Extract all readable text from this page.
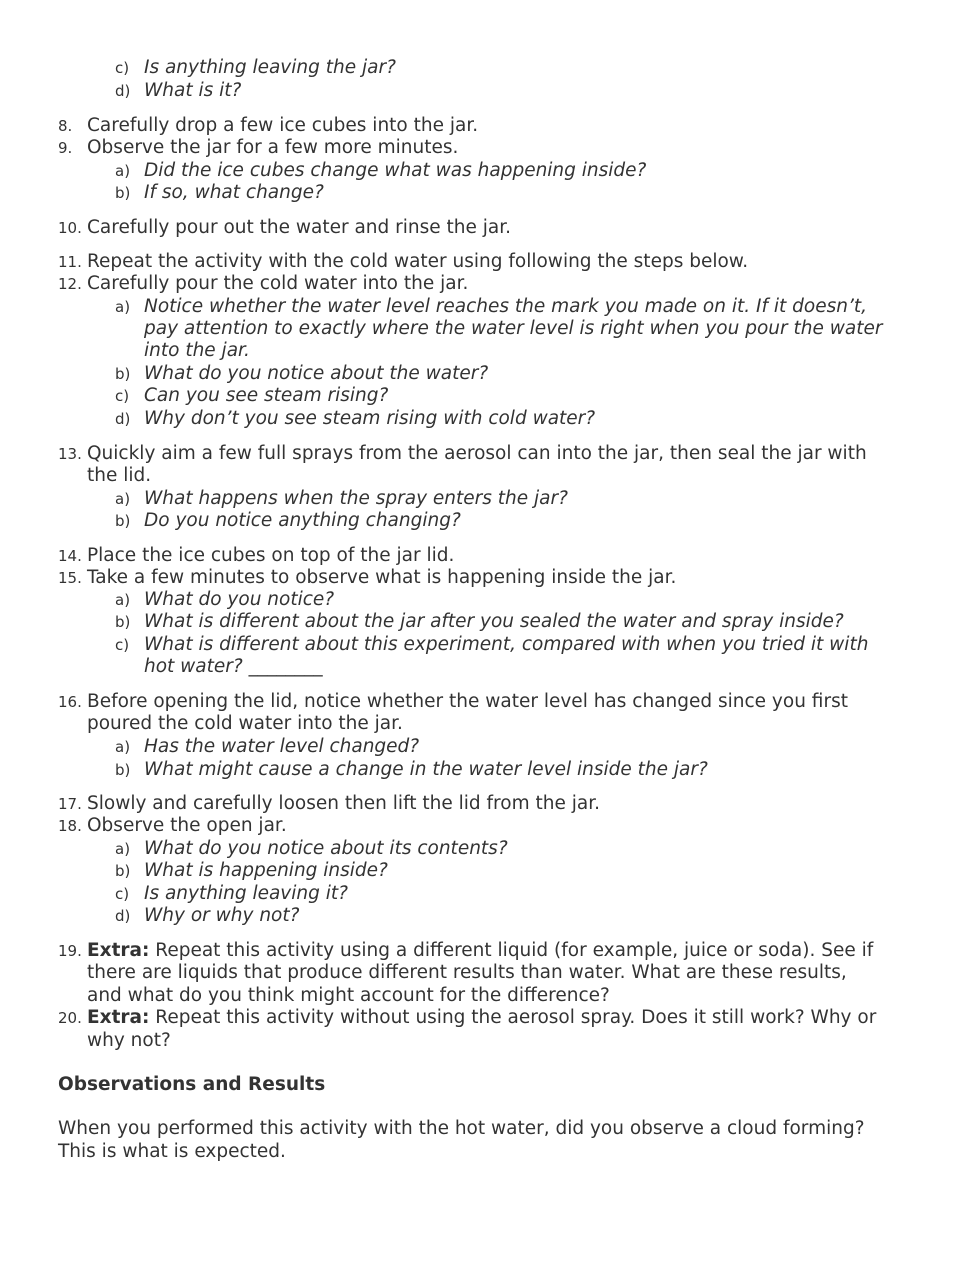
c) Is anything leaving the jar?
d) What is it?
8. Carefully drop a few ice cubes into the jar.
9. Observe the jar for a few more minutes.
a) Did the ice cubes change what was happening inside?
b) If so, what change?
10. Carefully pour out the water and rinse the jar.
11. Repeat the activity with the cold water using following the steps below.
12. Carefully pour the cold water into the jar.
a) Notice whether the water level reaches the mark you made on it. If it doesn’t,
pay attention to exactly where the water level is right when you pour the water
into the jar.
b) What do you notice about the water?
c) Can you see steam rising?
d) Why don’t you see steam rising with cold water?
13. Quickly aim a few full sprays from the aerosol can into the jar, then seal the jar with
the lid.
a) What happens when the spray enters the jar?
b) Do you notice anything changing?
14. Place the ice cubes on top of the jar lid.
15. Take a few minutes to observe what is happening inside the jar.
a) What do you notice?
b) What is different about the jar after you sealed the water and spray inside?
c) What is different about this experiment, compared with when you tried it with
hot water? ________
16. Before opening the lid, notice whether the water level has changed since you first
poured the cold water into the jar.
a) Has the water level changed?
b) What might cause a change in the water level inside the jar?
17. Slowly and carefully loosen then lift the lid from the jar.
18. Observe the open jar.
a) What do you notice about its contents?
b) What is happening inside?
c) Is anything leaving it?
d) Why or why not?
19. Extra: Repeat this activity using a different liquid (for example, juice or soda). See if
there are liquids that produce different results than water. What are these results,
and what do you think might account for the difference?
20. Extra: Repeat this activity without using the aerosol spray. Does it still work? Why or
why not?
Observations and Results
When you performed this activity with the hot water, did you observe a cloud forming?
This is what is expected.
